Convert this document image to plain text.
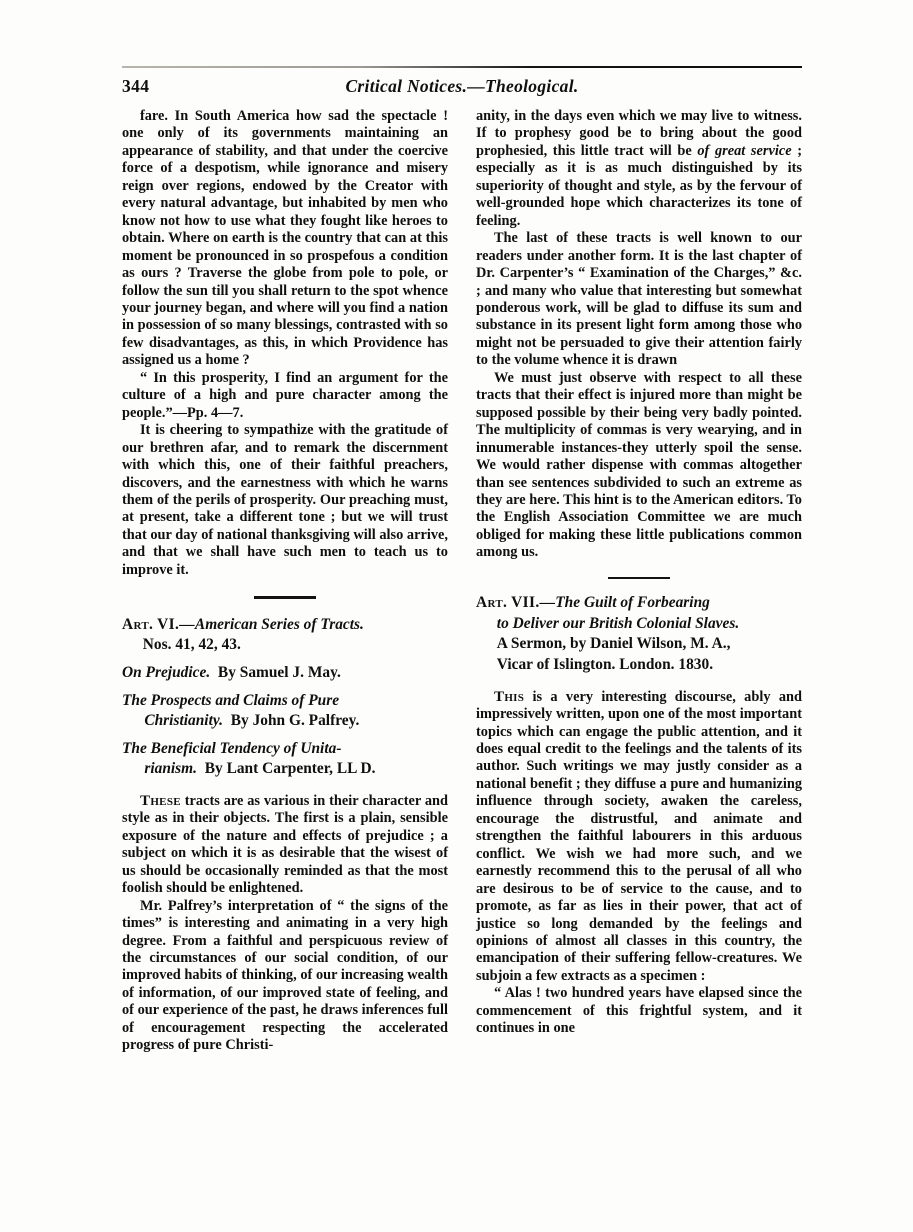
344	Critical Notices.—Theological.

fare. In South America how sad the spectacle ! one only of its governments maintaining an appearance of stability, and that under the coercive force of a despotism, while ignorance and misery reign over regions, endowed by the Creator with every natural advantage, but inhabited by men who know not how to use what they fought like heroes to obtain. Where on earth is the country that can at this moment be pronounced in so prospefous a condition as ours ? Traverse the globe from pole to pole, or follow the sun till you shall return to the spot whence your journey began, and where will you find a nation in possession of so many blessings, contrasted with so few disadvantages, as this, in which Providence has assigned us a home ?

“ In this prosperity, I find an argument for the culture of a high and pure character among the people.”—Pp. 4—7.

It is cheering to sympathize with the gratitude of our brethren afar, and to remark the discernment with which this, one of their faithful preachers, discovers, and the earnestness with which he warns them of the perils of prosperity. Our preaching must, at present, take a different tone ; but we will trust that our day of national thanksgiving will also arrive, and that we shall have such men to teach us to improve it.

Art. VI.—American Series of Tracts.
Nos. 41, 42, 43.
On Prejudice. By Samuel J. May.
The Prospects and Claims of Pure
Christianity. By John G. Palfrey.
The Beneficial Tendency of Unita-
rianism. By Lant Carpenter, LL D.

These tracts are as various in their character and style as in their objects. The first is a plain, sensible exposure of the nature and effects of prejudice ; a subject on which it is as desirable that the wisest of us should be occasionally reminded as that the most foolish should be enlightened.

Mr. Palfrey’s interpretation of “ the signs of the times” is interesting and animating in a very high degree. From a faithful and perspicuous review of the circumstances of our social condition, of our improved habits of thinking, of our increasing wealth of information, of our improved state of feeling, and of our experience of the past, he draws inferences full of encouragement respecting the accelerated progress of pure Christi-

anity, in the days even which we may live to witness. If to prophesy good be to bring about the good prophesied, this little tract will be of great service ; especially as it is as much distinguished by its superiority of thought and style, as by the fervour of well-grounded hope which characterizes its tone of feeling.

The last of these tracts is well known to our readers under another form. It is the last chapter of Dr. Carpenter’s “ Examination of the Charges,” &c. ; and many who value that interesting but somewhat ponderous work, will be glad to diffuse its sum and substance in its present light form among those who might not be persuaded to give their attention fairly to the volume whence it is drawn

We must just observe with respect to all these tracts that their effect is injured more than might be supposed possible by their being very badly pointed. The multiplicity of commas is very wearying, and in innumerable instances-they utterly spoil the sense. We would rather dispense with commas altogether than see sentences subdivided to such an extreme as they are here. This hint is to the American editors. To the English Association Committee we are much obliged for making these little publications common among us.

Art. VII.—The Guilt of Forbearing
to Deliver our British Colonial Slaves.
A Sermon, by Daniel Wilson, M. A.,
Vicar of Islington. London. 1830.

This is a very interesting discourse, ably and impressively written, upon one of the most important topics which can engage the public attention, and it does equal credit to the feelings and the talents of its author. Such writings we may justly consider as a national benefit ; they diffuse a pure and humanizing influence through society, awaken the careless, encourage the distrustful, and animate and strengthen the faithful labourers in this arduous conflict. We wish we had more such, and we earnestly recommend this to the perusal of all who are desirous to be of service to the cause, and to promote, as far as lies in their power, that act of justice so long demanded by the feelings and opinions of almost all classes in this country, the emancipation of their suffering fellow-creatures. We subjoin a few extracts as a specimen :

“ Alas ! two hundred years have elapsed since the commencement of this frightful system, and it continues in one
